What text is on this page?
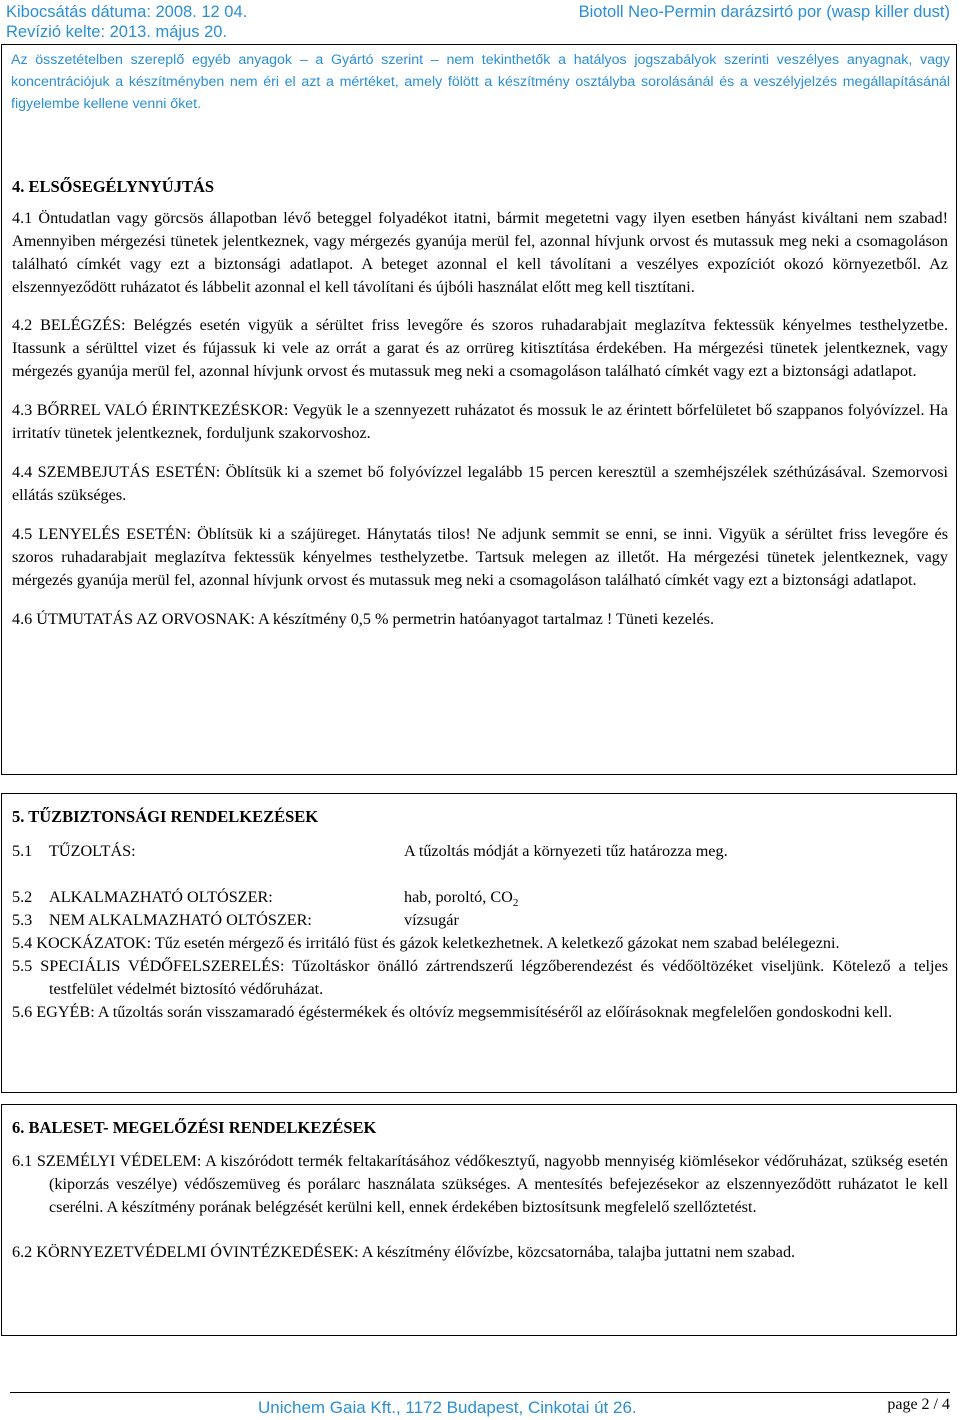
Kibocsátás dátuma: 2008. 12 04.	Biotoll Neo-Permin darázsirtó por (wasp killer dust)
Revízió kelte: 2013. május 20.

Az összetételben szereplő egyéb anyagok – a Gyártó szerint – nem tekinthetők a hatályos jogszabályok szerinti veszélyes anyagnak, vagy koncentrációjuk a készítményben nem éri el azt a mértéket, amely fölött a készítmény osztályba sorolásánál és a veszélyjelzés megállapításánál figyelembe kellene venni őket.

4. ELSŐSEGÉLYNYÚJTÁS

4.1 Öntudatlan vagy görcsös állapotban lévő beteggel folyadékot itatni, bármit megetetni vagy ilyen esetben hányást kiváltani nem szabad! Amennyiben mérgezési tünetek jelentkeznek, vagy mérgezés gyanúja merül fel, azonnal hívjunk orvost és mutassuk meg neki a csomagoláson található címkét vagy ezt a biztonsági adatlapot. A beteget azonnal el kell távolítani a veszélyes expozíciót okozó környezetből. Az elszennyeződött ruházatot és lábbelit azonnal el kell távolítani és újbóli használat előtt meg kell tisztítani.

4.2 BELÉGZÉS: Belégzés esetén vigyük a sérültet friss levegőre és szoros ruhadarabjait meglazítva fektessük kényelmes testhelyzetbe. Itassunk a sérülttel vizet és fújassuk ki vele az orrát a garat és az orrüreg kitisztítása érdekében. Ha mérgezési tünetek jelentkeznek, vagy mérgezés gyanúja merül fel, azonnal hívjunk orvost és mutassuk meg neki a csomagoláson található címkét vagy ezt a biztonsági adatlapot.

4.3 BŐRREL VALÓ ÉRINTKEZÉSKOR: Vegyük le a szennyezett ruházatot és mossuk le az érintett bőrfelületet bő szappanos folyóvízzel. Ha irritatív tünetek jelentkeznek, forduljunk szakorvoshoz.

4.4 SZEMBEJUTÁS ESETÉN: Öblítsük ki a szemet bő folyóvízzel legalább 15 percen keresztül a szemhéjszélek széthúzásával. Szemorvosi ellátás szükséges.

4.5 LENYELÉS ESETÉN: Öblítsük ki a szájüreget. Hánytatás tilos! Ne adjunk semmit se enni, se inni. Vigyük a sérültet friss levegőre és szoros ruhadarabjait meglazítva fektessük kényelmes testhelyzetbe. Tartsuk melegen az illetőt. Ha mérgezési tünetek jelentkeznek, vagy mérgezés gyanúja merül fel, azonnal hívjunk orvost és mutassuk meg neki a csomagoláson található címkét vagy ezt a biztonsági adatlapot.

4.6 ÚTMUTATÁS AZ ORVOSNAK: A készítmény 0,5 % permetrin hatóanyagot tartalmaz ! Tüneti kezelés.

5. TŰZBIZTONSÁGI RENDELKEZÉSEK

5.1 TŰZOLTÁS:	A tűzoltás módját a környezeti tűz határozza meg.
5.2 ALKALMAZHATÓ OLTÓSZER:	hab, poroltó, $CO_2$
5.3 NEM ALKALMAZHATÓ OLTÓSZER:	vízsugár

5.4 KOCKÁZATOK: Tűz esetén mérgező és irritáló füst és gázok keletkezhetnek. A keletkező gázokat nem szabad belélegezni.

5.5 SPECIÁLIS VÉDŐFELSZERELÉS: Tűzoltáskor önálló zártrendszerű légzőberendezést és védőöltözéket viseljünk. Kötelező a teljes testfelület védelmét biztosító védőruházat.

5.6 EGYÉB: A tűzoltás során visszamaradó égéstermékek és oltóvíz megsemmisítéséről az előírásoknak megfelelően gondoskodni kell.

6. BALESET- MEGELŐZÉSI RENDELKEZÉSEK

6.1 SZEMÉLYI VÉDELEM: A kiszóródott termék feltakarításához védőkesztyű, nagyobb mennyiség kiömlésekor védőruházat, szükség esetén (kiporzás veszélye) védőszemüveg és porálarc használata szükséges. A mentesítés befejezésekor az elszennyeződött ruházatot le kell cserélni. A készítmény porának belégzését kerülni kell, ennek érdekében biztosítsunk megfelelő szellőztetést.

6.2 KÖRNYEZETVÉDELMI ÓVINTÉZKEDÉSEK: A készítmény élővízbe, közcsatornába, talajba juttatni nem szabad.

Unichem Gaia Kft., 1172 Budapest, Cinkotai út 26.	page 2 / 4
